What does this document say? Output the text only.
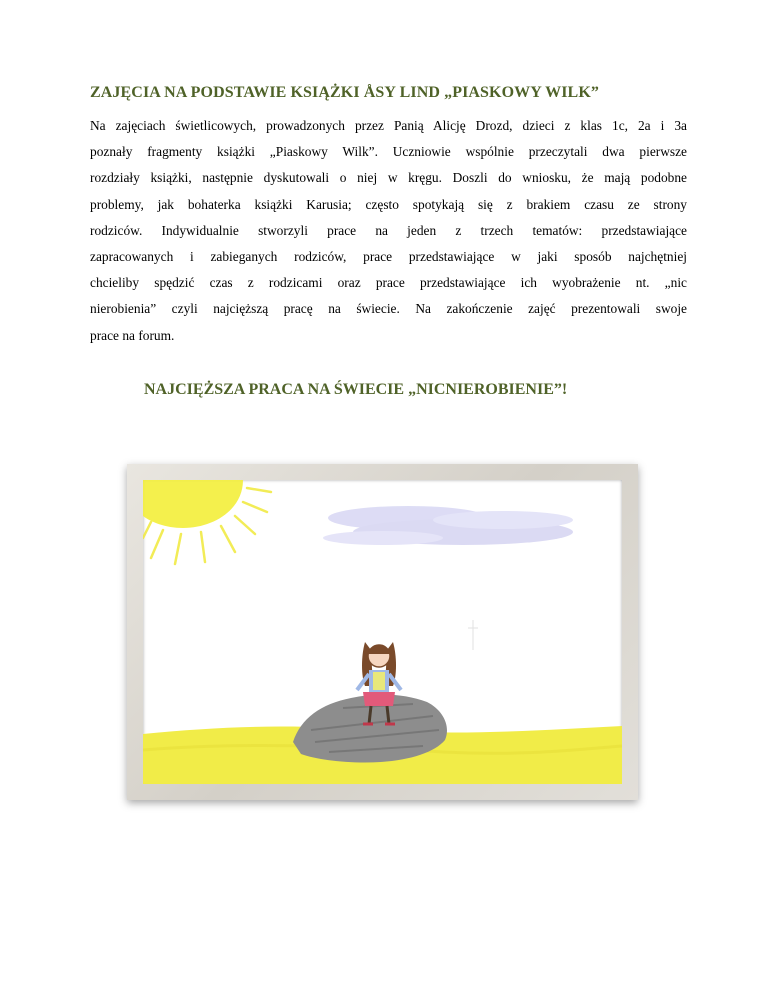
ZAJĘCIA NA PODSTAWIE KSIĄŻKI ÅSY LIND „PIASKOWY WILK”
Na zajęciach świetlicowych, prowadzonych przez Panią Alicję Drozd, dzieci z klas 1c, 2a i 3a
poznały fragmenty książki „Piaskowy Wilk”. Uczniowie wspólnie przeczytali dwa pierwsze
rozdziały książki, następnie dyskutowali o niej w kręgu. Doszli do wniosku, że mają podobne
problemy, jak bohaterka książki Karusia; często spotykają się z brakiem czasu ze strony
rodziców. Indywidualnie stworzyli prace na jeden z trzech tematów: przedstawiające
zapracowanych i zabieganych rodziców, prace przedstawiające w jaki sposób najchętniej
chcieliby spędzić czas z rodzicami oraz prace przedstawiające ich wyobrażenie nt. „nic
nierobienia” czyli najcięższą pracę na świecie. Na zakończenie zajęć prezentowali swoje
prace na forum.
NAJCIĘŻSZA PRACA NA ŚWIECIE „NICNIEROBIENIE”!
